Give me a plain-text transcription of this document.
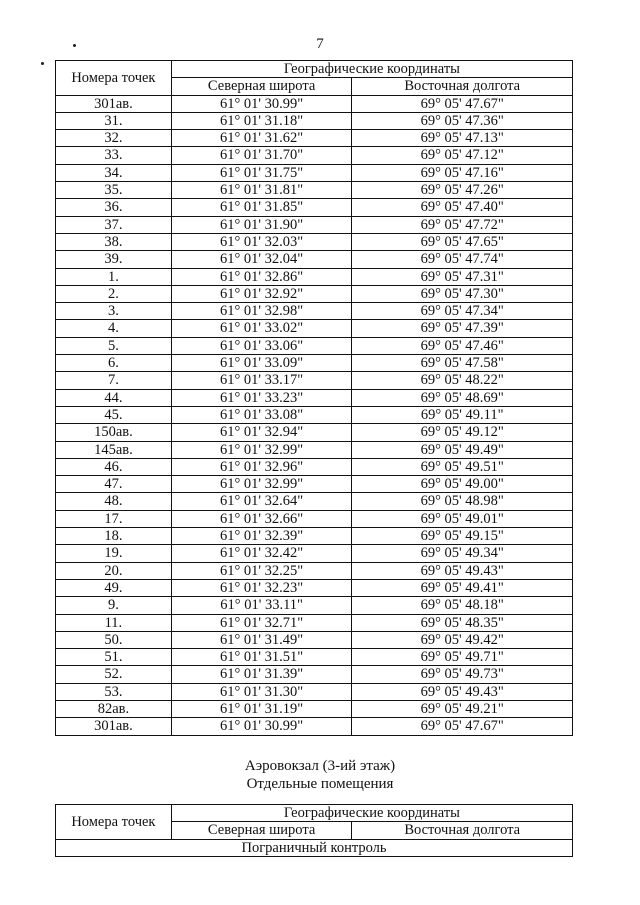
7
Номера точек	Географические координаты	
	Северная широта	Восточная долгота
301ав.	61° 01' 30.99"	69° 05' 47.67"
31.	61° 01' 31.18"	69° 05' 47.36"
32.	61° 01' 31.62"	69° 05' 47.13"
33.	61° 01' 31.70"	69° 05' 47.12"
34.	61° 01' 31.75"	69° 05' 47.16"
35.	61° 01' 31.81"	69° 05' 47.26"
36.	61° 01' 31.85"	69° 05' 47.40"
37.	61° 01' 31.90"	69° 05' 47.72"
38.	61° 01' 32.03"	69° 05' 47.65"
39.	61° 01' 32.04"	69° 05' 47.74"
1.	61° 01' 32.86"	69° 05' 47.31"
2.	61° 01' 32.92"	69° 05' 47.30"
3.	61° 01' 32.98"	69° 05' 47.34"
4.	61° 01' 33.02"	69° 05' 47.39"
5.	61° 01' 33.06"	69° 05' 47.46"
6.	61° 01' 33.09"	69° 05' 47.58"
7.	61° 01' 33.17"	69° 05' 48.22"
44.	61° 01' 33.23"	69° 05' 48.69"
45.	61° 01' 33.08"	69° 05' 49.11"
150ав.	61° 01' 32.94"	69° 05' 49.12"
145ав.	61° 01' 32.99"	69° 05' 49.49"
46.	61° 01' 32.96"	69° 05' 49.51"
47.	61° 01' 32.99"	69° 05' 49.00"
48.	61° 01' 32.64"	69° 05' 48.98"
17.	61° 01' 32.66"	69° 05' 49.01"
18.	61° 01' 32.39"	69° 05' 49.15"
19.	61° 01' 32.42"	69° 05' 49.34"
20.	61° 01' 32.25"	69° 05' 49.43"
49.	61° 01' 32.23"	69° 05' 49.41"
9.	61° 01' 33.11"	69° 05' 48.18"
11.	61° 01' 32.71"	69° 05' 48.35"
50.	61° 01' 31.49"	69° 05' 49.42"
51.	61° 01' 31.51"	69° 05' 49.71"
52.	61° 01' 31.39"	69° 05' 49.73"
53.	61° 01' 31.30"	69° 05' 49.43"
82ав.	61° 01' 31.19"	69° 05' 49.21"
301ав.	61° 01' 30.99"	69° 05' 47.67"
Аэровокзал (3-ий этаж)
Отдельные помещения
Номера точек	Географические координаты	
	Северная широта	Восточная долгота
Пограничный контроль		
